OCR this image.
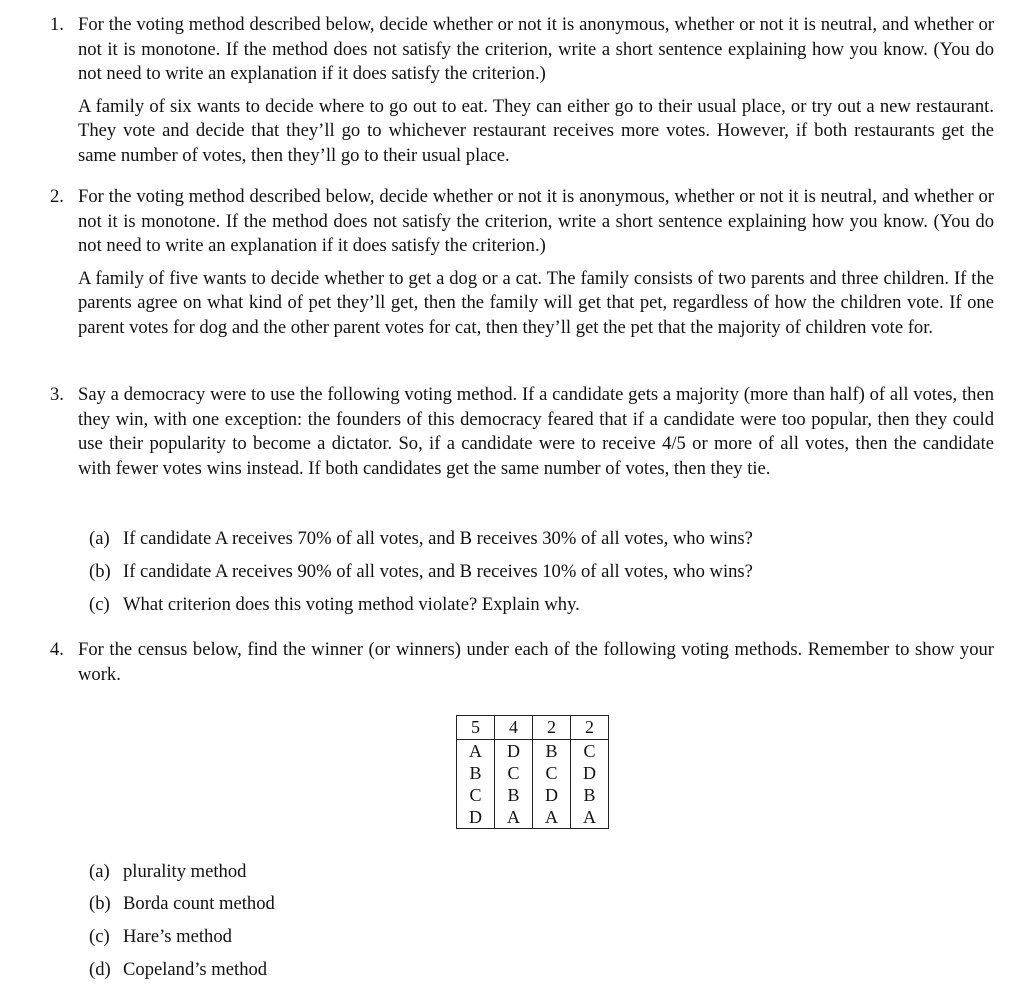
1. For the voting method described below, decide whether or not it is anonymous, whether or not it is neutral, and whether or not it is monotone. If the method does not satisfy the criterion, write a short sentence explaining how you know. (You do not need to write an explanation if it does satisfy the criterion.)

A family of six wants to decide where to go out to eat. They can either go to their usual place, or try out a new restaurant. They vote and decide that they’ll go to whichever restaurant receives more votes. However, if both restaurants get the same number of votes, then they’ll go to their usual place.

2. For the voting method described below, decide whether or not it is anonymous, whether or not it is neutral, and whether or not it is monotone. If the method does not satisfy the criterion, write a short sentence explaining how you know. (You do not need to write an explanation if it does satisfy the criterion.)

A family of five wants to decide whether to get a dog or a cat. The family consists of two parents and three children. If the parents agree on what kind of pet they’ll get, then the family will get that pet, regardless of how the children vote. If one parent votes for dog and the other parent votes for cat, then they’ll get the pet that the majority of children vote for.

3. Say a democracy were to use the following voting method. If a candidate gets a majority (more than half) of all votes, then they win, with one exception: the founders of this democracy feared that if a candidate were too popular, then they could use their popularity to become a dictator. So, if a candidate were to receive 4/5 or more of all votes, then the candidate with fewer votes wins instead. If both candidates get the same number of votes, then they tie.

(a) If candidate A receives 70% of all votes, and B receives 30% of all votes, who wins?
(b) If candidate A receives 90% of all votes, and B receives 10% of all votes, who wins?
(c) What criterion does this voting method violate? Explain why.
4. For the census below, find the winner (or winners) under each of the following voting methods. Remember to show your work.

5	4	2	2
A	D	B	C
B	C	C	D
C	B	D	B
D	A	A	A
(a) plurality method
(b) Borda count method
(c) Hare’s method
(d) Copeland’s method
